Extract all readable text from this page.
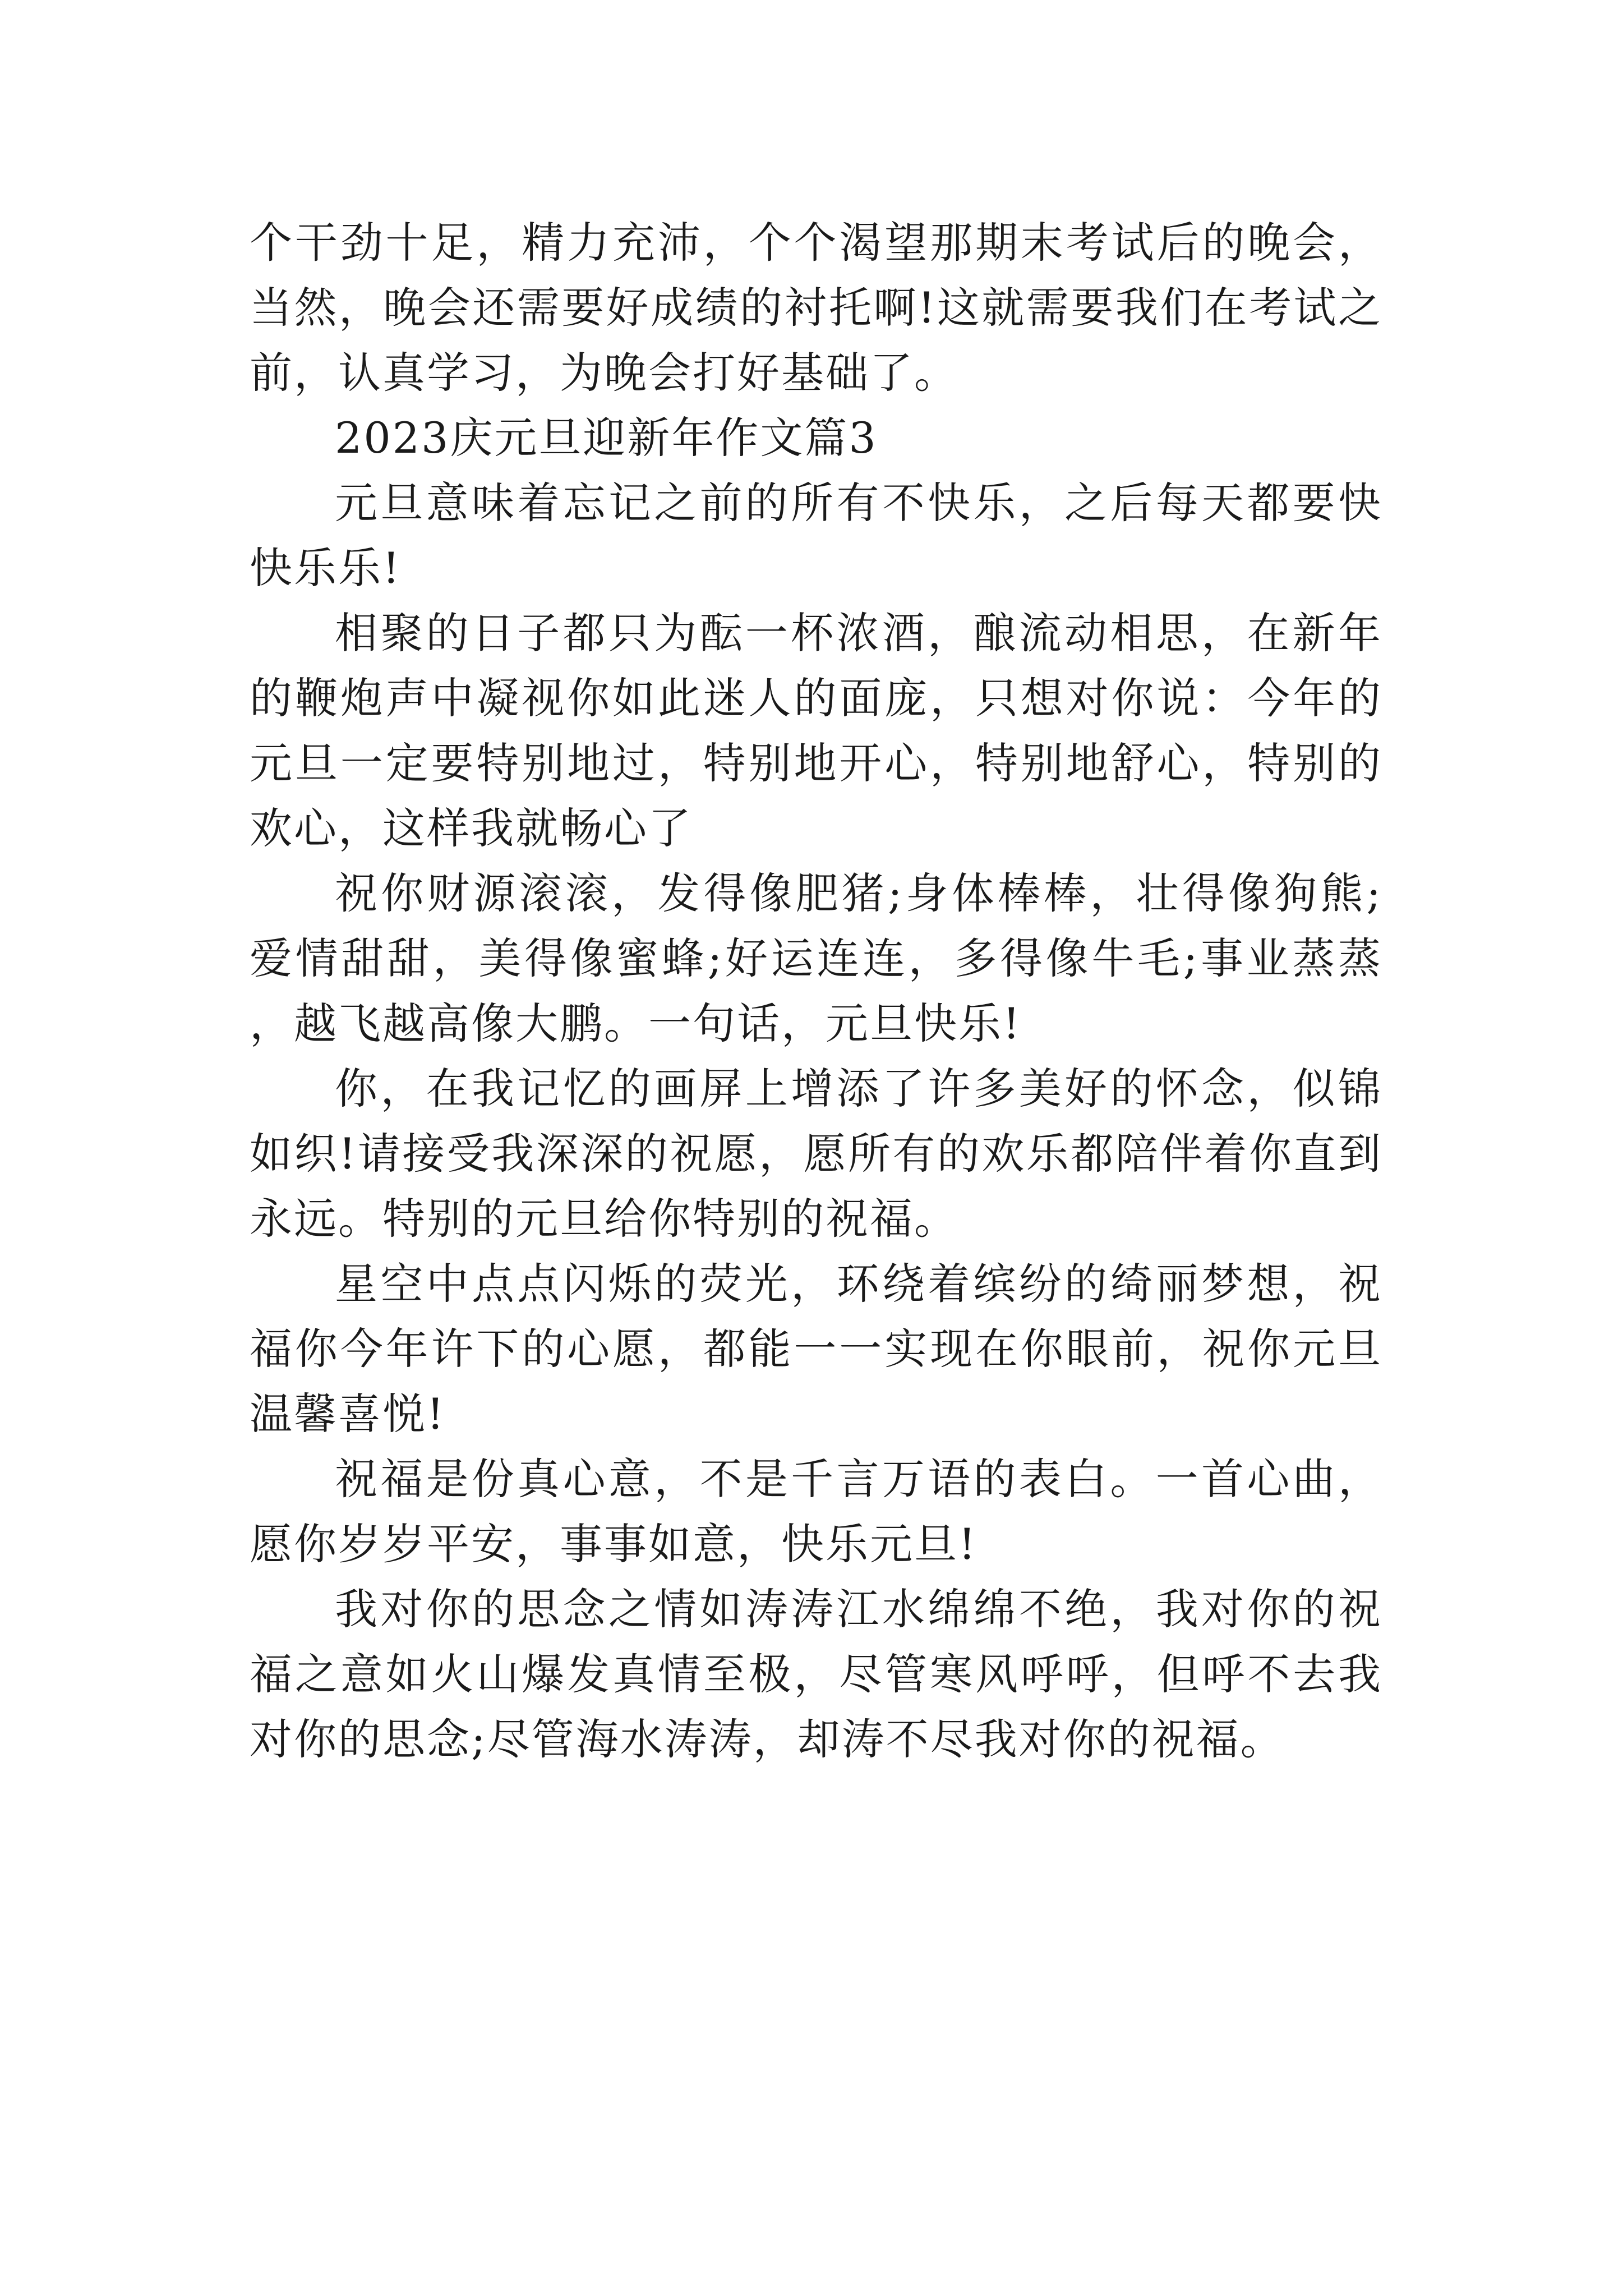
个干劲十足，精力充沛，个个渴望那期末考试后的晚会，当然，晚会还需要好成绩的衬托啊!这就需要我们在考试之前，认真学习，为晚会打好基础了。

2023庆元旦迎新年作文篇3

元旦意味着忘记之前的所有不快乐，之后每天都要快快乐乐!

相聚的日子都只为酝一杯浓酒，酿流动相思，在新年的鞭炮声中凝视你如此迷人的面庞，只想对你说：今年的元旦一定要特别地过，特别地开心，特别地舒心，特别的欢心，这样我就畅心了

祝你财源滚滚，发得像肥猪;身体棒棒，壮得像狗熊;爱情甜甜，美得像蜜蜂;好运连连，多得像牛毛;事业蒸蒸，越飞越高像大鹏。一句话，元旦快乐!

你，在我记忆的画屏上增添了许多美好的怀念，似锦如织!请接受我深深的祝愿，愿所有的欢乐都陪伴着你直到永远。特别的元旦给你特别的祝福。

星空中点点闪烁的荧光，环绕着缤纷的绮丽梦想，祝福你今年许下的心愿，都能一一实现在你眼前，祝你元旦温馨喜悦!

祝福是份真心意，不是千言万语的表白。一首心曲，愿你岁岁平安，事事如意，快乐元旦!

我对你的思念之情如涛涛江水绵绵不绝，我对你的祝福之意如火山爆发真情至极，尽管寒风呼呼，但呼不去我对你的思念;尽管海水涛涛，却涛不尽我对你的祝福。
